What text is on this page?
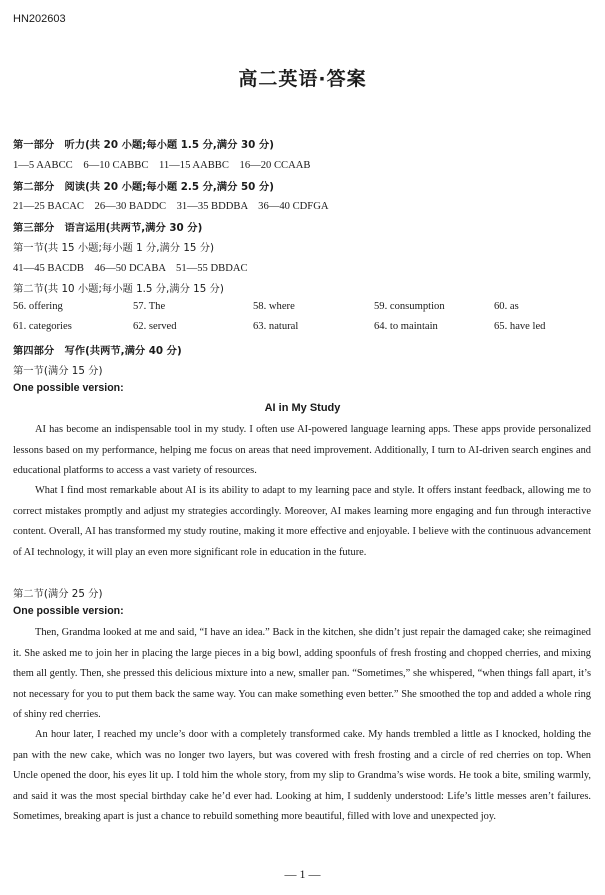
HN202603
高二英语·答案
第一部分　听力(共 20 小题;每小题 1.5 分,满分 30 分)
1—5 AABCC　6—10 CABBC　11—15 AABBC　16—20 CCAAB
第二部分　阅读(共 20 小题;每小题 2.5 分,满分 50 分)
21—25 BACAC　26—30 BADDC　31—35 BDDBA　36—40 CDFGA
第三部分　语言运用(共两节,满分 30 分)
第一节(共 15 小题;每小题 1 分,满分 15 分)
41—45 BACDB　46—50 DCABA　51—55 DBDAC
第二节(共 10 小题;每小题 1.5 分,满分 15 分)
56. offering	57. The	58. where	59. consumption	60. as
61. categories	62. served	63. natural	64. to maintain	65. have led
第四部分　写作(共两节,满分 40 分)
第一节(满分 15 分)
One possible version:
AI in My Study

AI has become an indispensable tool in my study. I often use AI-powered language learning apps. These apps provide personalized lessons based on my performance, helping me focus on areas that need improvement. Additionally, I turn to AI-driven search engines and educational platforms to access a vast variety of resources.

What I find most remarkable about AI is its ability to adapt to my learning pace and style. It offers instant feedback, allowing me to correct mistakes promptly and adjust my strategies accordingly. Moreover, AI makes learning more engaging and fun through interactive content. Overall, AI has transformed my study routine, making it more effective and enjoyable. I believe with the continuous advancement of AI technology, it will play an even more significant role in education in the future.

第二节(满分 25 分)
One possible version:

Then, Grandma looked at me and said, “I have an idea.” Back in the kitchen, she didn’t just repair the damaged cake; she reimagined it. She asked me to join her in placing the large pieces in a big bowl, adding spoonfuls of fresh frosting and chopped cherries, and mixing them all gently. Then, she pressed this delicious mixture into a new, smaller pan. “Sometimes,” she whispered, “when things fall apart, it’s not necessary for you to put them back the same way. You can make something even better.” She smoothed the top and added a whole ring of shiny red cherries.

An hour later, I reached my uncle’s door with a completely transformed cake. My hands trembled a little as I knocked, holding the pan with the new cake, which was no longer two layers, but was covered with fresh frosting and a circle of red cherries on top. When Uncle opened the door, his eyes lit up. I told him the whole story, from my slip to Grandma’s wise words. He took a bite, smiling warmly, and said it was the most special birthday cake he’d ever had. Looking at him, I suddenly understood: Life’s little messes aren’t failures. Sometimes, breaking apart is just a chance to rebuild something more beautiful, filled with love and unexpected joy.

— 1 —
